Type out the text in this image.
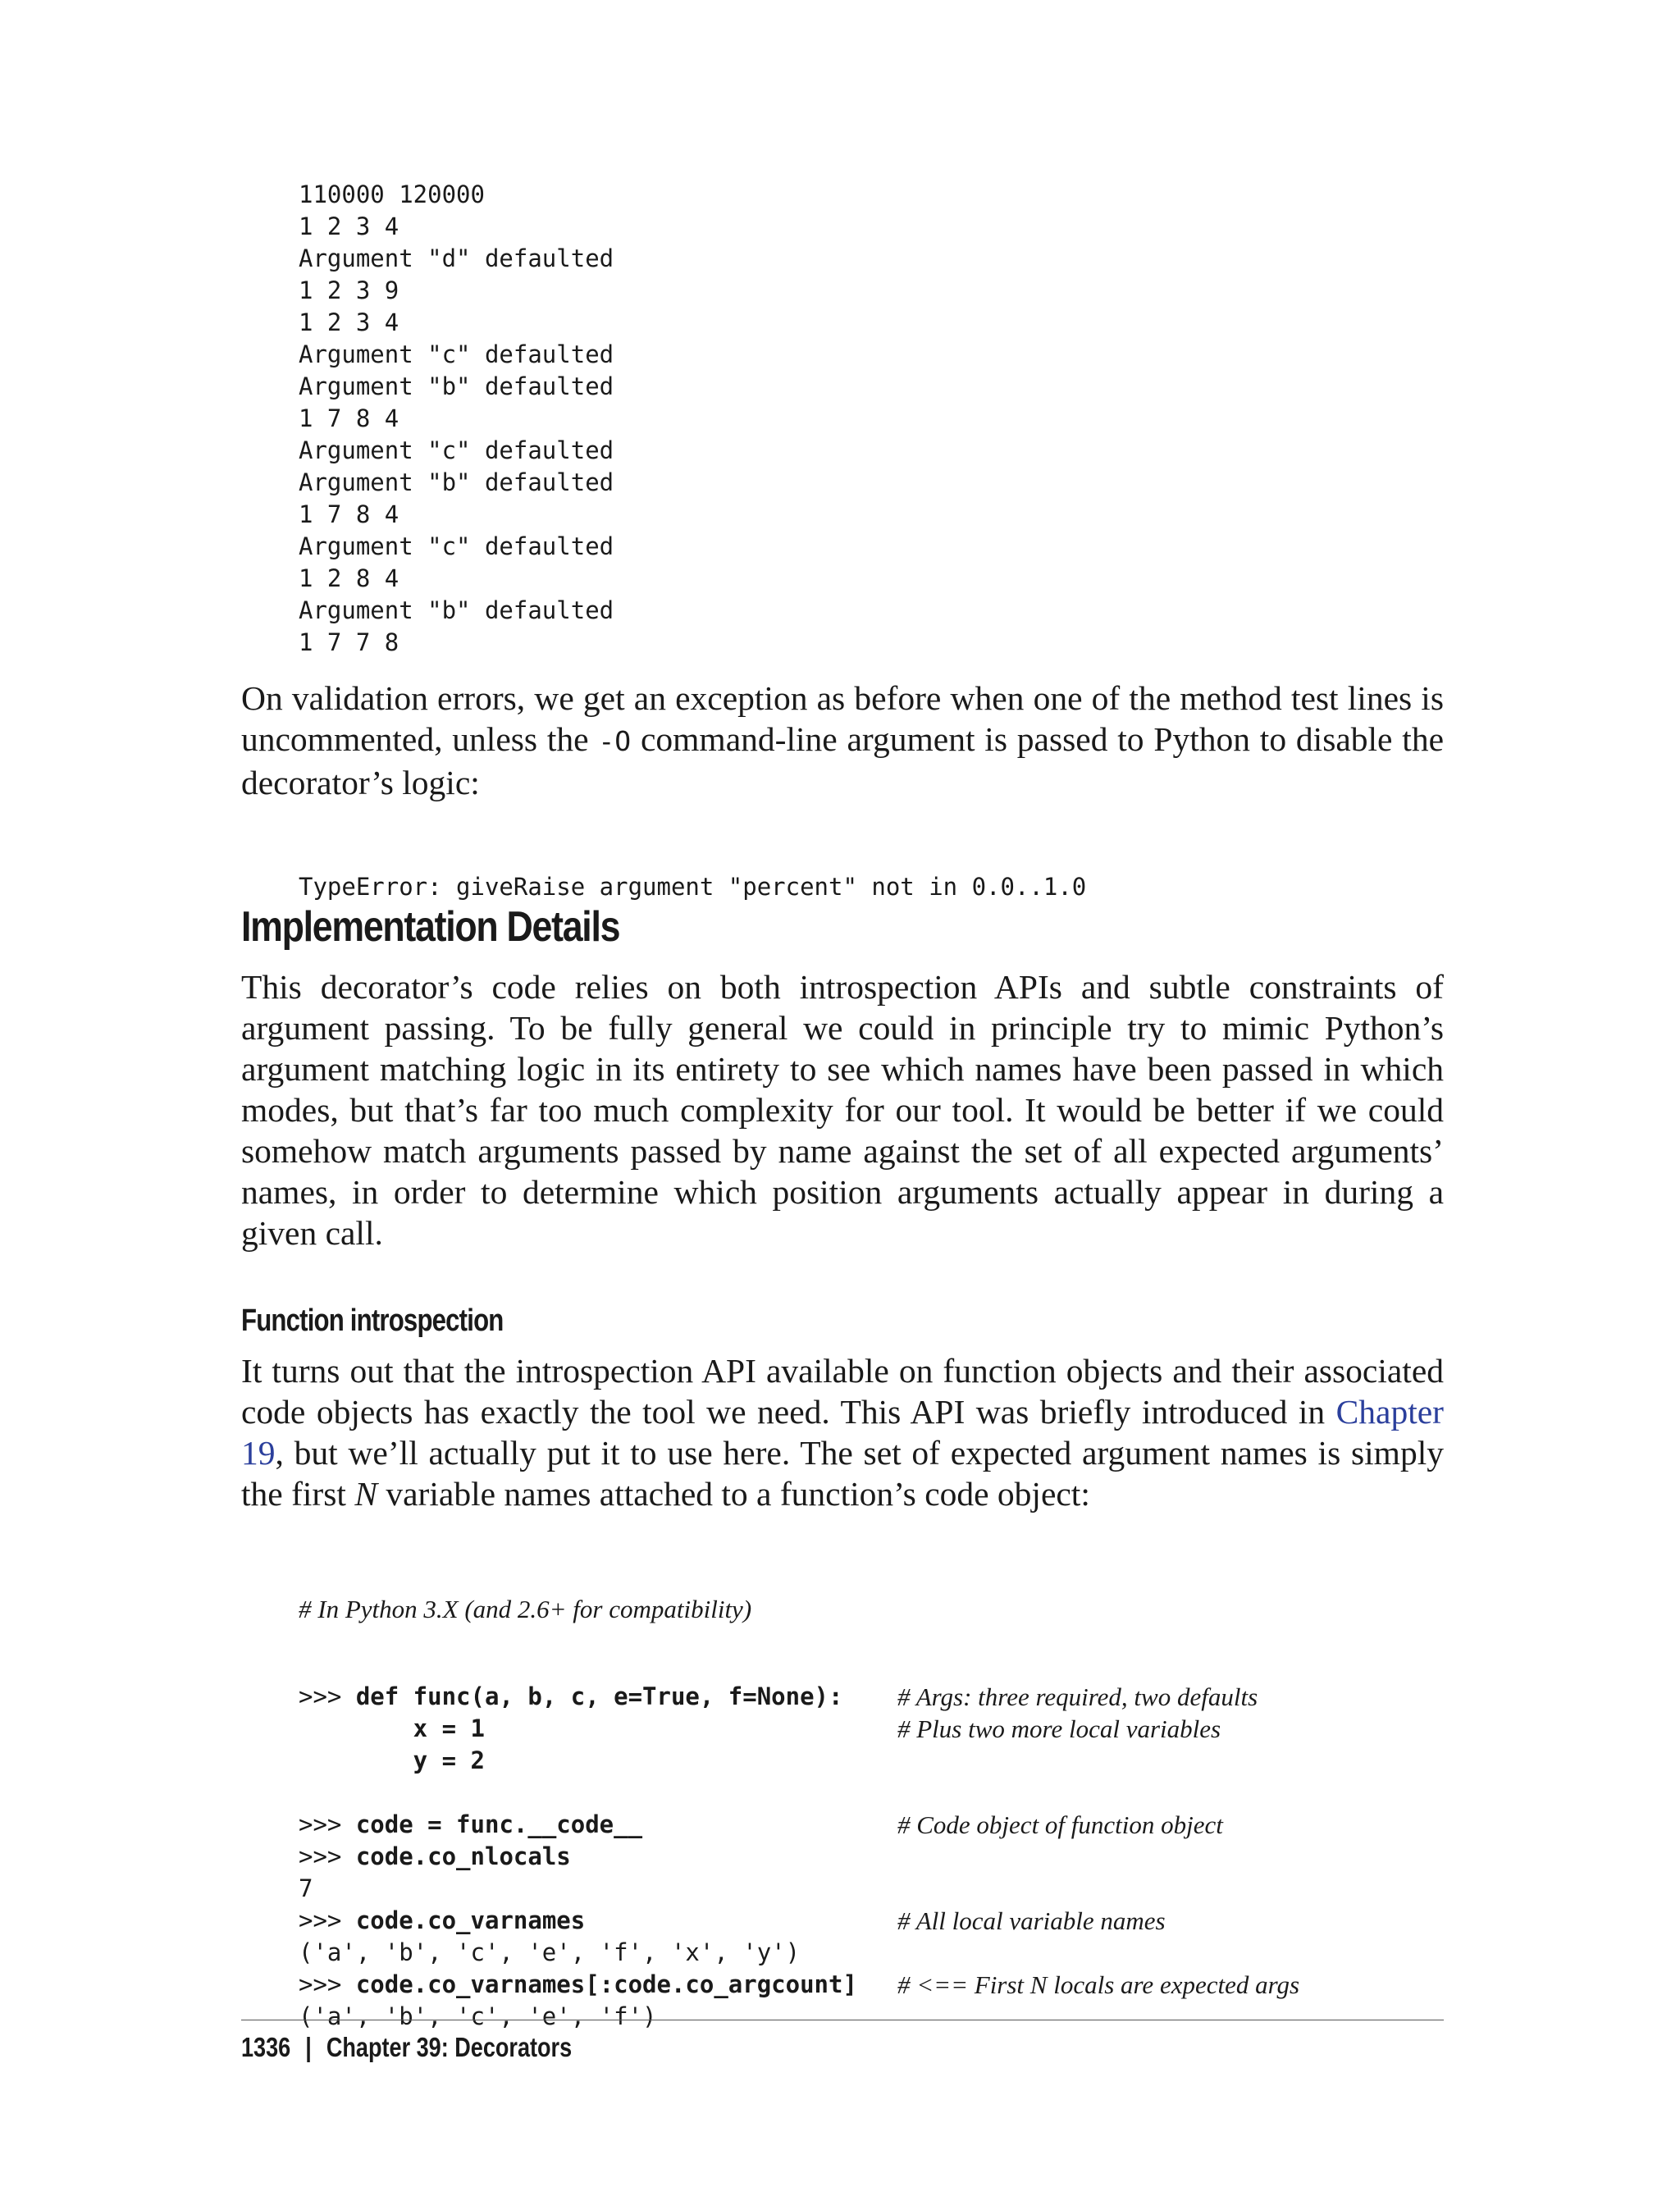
110000 120000
1 2 3 4
Argument "d" defaulted
1 2 3 9
1 2 3 4
Argument "c" defaulted
Argument "b" defaulted
1 7 8 4
Argument "c" defaulted
Argument "b" defaulted
1 7 8 4
Argument "c" defaulted
1 2 8 4
Argument "b" defaulted
1 7 7 8

On validation errors, we get an exception as before when one of the method test lines is uncommented, unless the -O command-line argument is passed to Python to disable the decorator’s logic:

TypeError: giveRaise argument "percent" not in 0.0..1.0

Implementation Details

This decorator’s code relies on both introspection APIs and subtle constraints of argument passing. To be fully general we could in principle try to mimic Python’s argument matching logic in its entirety to see which names have been passed in which modes, but that’s far too much complexity for our tool. It would be better if we could somehow match arguments passed by name against the set of all expected arguments’ names, in order to determine which position arguments actually appear in during a given call.

Function introspection

It turns out that the introspection API available on function objects and their associated code objects has exactly the tool we need. This API was briefly introduced in Chapter 19, but we’ll actually put it to use here. The set of expected argument names is simply the first N variable names attached to a function’s code object:

# In Python 3.X (and 2.6+ for compatibility)

>>> def func(a, b, c, e=True, f=None): # Args: three required, two defaults
x = 1	# Plus two more local variables
y = 2
>>> code = func.__code__	# Code object of function object
>>> code.co_nlocals
7
>>> code.co_varnames	# All local variable names
('a', 'b', 'c', 'e', 'f', 'x', 'y')
>>> code.co_varnames[:code.co_argcount] # <== First N locals are expected args
('a', 'b', 'c', 'e', 'f')
1336 | Chapter 39: Decorators
